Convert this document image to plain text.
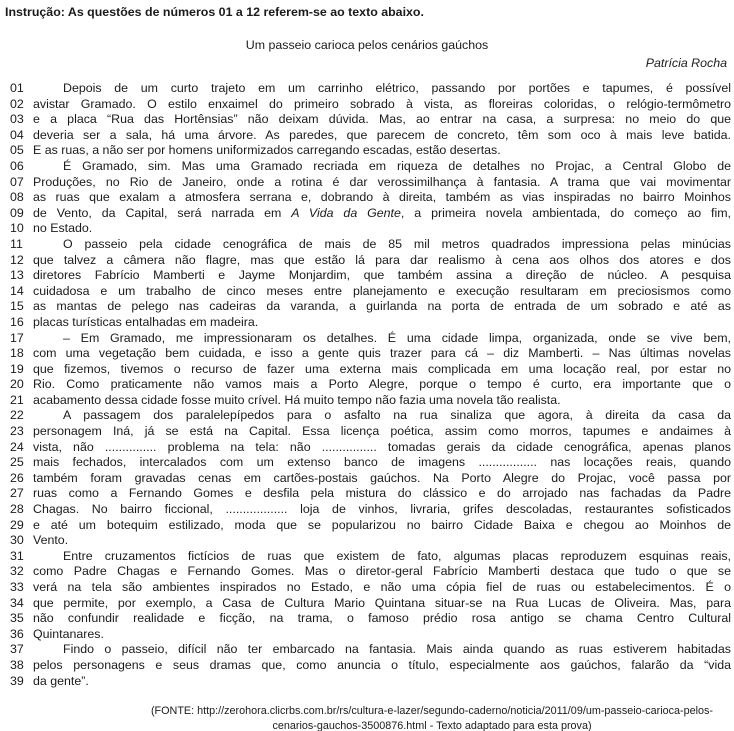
Instrução: As questões de números 01 a 12 referem-se ao texto abaixo.
Um passeio carioca pelos cenários gaúchos
Patrícia Rocha
01	Depois de um curto trajeto em um carrinho elétrico, passando por portões e tapumes, é possível
02 avistar Gramado. O estilo enxaimel do primeiro sobrado à vista, as floreiras coloridas, o relógio-termômetro
03 e a placa “Rua das Hortênsias” não deixam dúvida. Mas, ao entrar na casa, a surpresa: no meio do que
04 deveria ser a sala, há uma árvore. As paredes, que parecem de concreto, têm som oco à mais leve batida.
05 E as ruas, a não ser por homens uniformizados carregando escadas, estão desertas.
06	É Gramado, sim. Mas uma Gramado recriada em riqueza de detalhes no Projac, a Central Globo de
07 Produções, no Rio de Janeiro, onde a rotina é dar verossimilhança à fantasia. A trama que vai movimentar
08 as ruas que exalam a atmosfera serrana e, dobrando à direita, também as vias inspiradas no bairro Moinhos
09 de Vento, da Capital, será narrada em A Vida da Gente, a primeira novela ambientada, do começo ao fim,
10 no Estado.
11	O passeio pela cidade cenográfica de mais de 85 mil metros quadrados impressiona pelas minúcias
12 que talvez a câmera não flagre, mas que estão lá para dar realismo à cena aos olhos dos atores e dos
13 diretores Fabrício Mamberti e Jayme Monjardim, que também assina a direção de núcleo. A pesquisa
14 cuidadosa e um trabalho de cinco meses entre planejamento e execução resultaram em preciosismos como
15 as mantas de pelego nas cadeiras da varanda, a guirlanda na porta de entrada de um sobrado e até as
16 placas turísticas entalhadas em madeira.
17	– Em Gramado, me impressionaram os detalhes. É uma cidade limpa, organizada, onde se vive bem,
18 com uma vegetação bem cuidada, e isso a gente quis trazer para cá – diz Mamberti. – Nas últimas novelas
19 que fizemos, tivemos o recurso de fazer uma externa mais complicada em uma locação real, por estar no
20 Rio. Como praticamente não vamos mais a Porto Alegre, porque o tempo é curto, era importante que o
21 acabamento dessa cidade fosse muito crível. Há muito tempo não fazia uma novela tão realista.
22	A passagem dos paralelepípedos para o asfalto na rua sinaliza que agora, à direita da casa da
23 personagem Iná, já se está na Capital. Essa licença poética, assim como morros, tapumes e andaimes à
24 vista, não ............... problema na tela: não ................ tomadas gerais da cidade cenográfica, apenas planos
25 mais fechados, intercalados com um extenso banco de imagens ................. nas locações reais, quando
26 também foram gravadas cenas em cartões-postais gaúchos. Na Porto Alegre do Projac, você passa por
27 ruas como a Fernando Gomes e desfila pela mistura do clássico e do arrojado nas fachadas da Padre
28 Chagas. No bairro ficcional, .................. loja de vinhos, livraria, grifes descoladas, restaurantes sofisticados
29 e até um botequim estilizado, moda que se popularizou no bairro Cidade Baixa e chegou ao Moinhos de
30 Vento.
31	Entre cruzamentos fictícios de ruas que existem de fato, algumas placas reproduzem esquinas reais,
32 como Padre Chagas e Fernando Gomes. Mas o diretor-geral Fabrício Mamberti destaca que tudo o que se
33 verá na tela são ambientes inspirados no Estado, e não uma cópia fiel de ruas ou estabelecimentos. É o
34 que permite, por exemplo, a Casa de Cultura Mario Quintana situar-se na Rua Lucas de Oliveira. Mas, para
35 não confundir realidade e ficção, na trama, o famoso prédio rosa antigo se chama Centro Cultural
36 Quintanares.
37	Findo o passeio, difícil não ter embarcado na fantasia. Mais ainda quando as ruas estiverem habitadas
38 pelos personagens e seus dramas que, como anuncia o título, especialmente aos gaúchos, falarão da “vida
39 da gente”.
(FONTE: http://zerohora.clicrbs.com.br/rs/cultura-e-lazer/segundo-caderno/noticia/2011/09/um-passeio-carioca-pelos-
cenarios-gauchos-3500876.html - Texto adaptado para esta prova)
